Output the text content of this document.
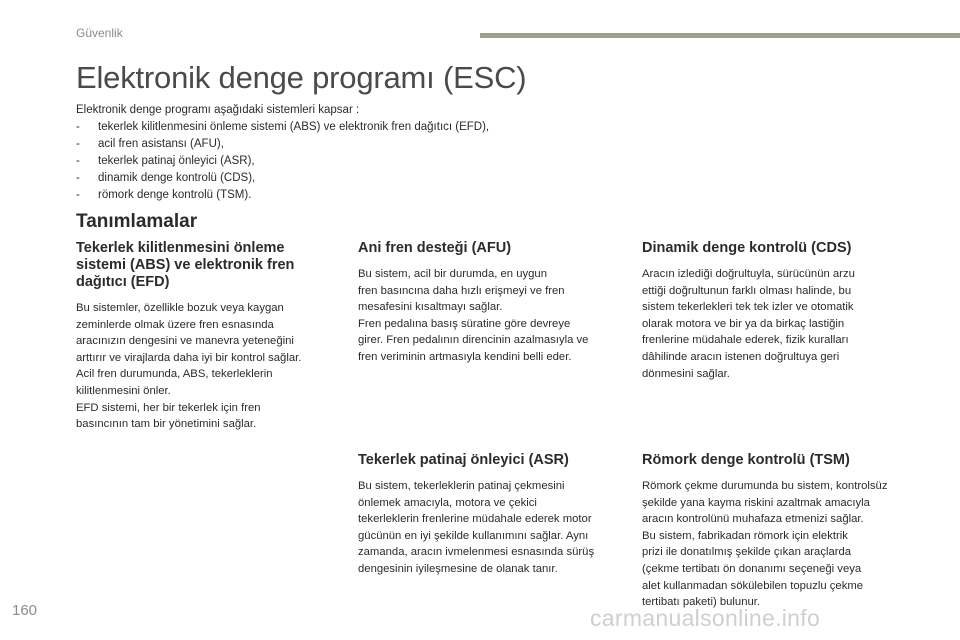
Güvenlik
Elektronik denge programı (ESC)
Elektronik denge programı aşağıdaki sistemleri kapsar :
-	tekerlek kilitlenmesini önleme sistemi (ABS) ve elektronik fren dağıtıcı (EFD),
-	acil fren asistansı (AFU),
-	tekerlek patinaj önleyici (ASR),
-	dinamik denge kontrolü (CDS),
-	römork denge kontrolü (TSM).
Tanımlamalar
Tekerlek kilitlenmesini önleme
sistemi (ABS) ve elektronik fren
dağıtıcı (EFD)
Bu sistemler, özellikle bozuk veya kaygan
zeminlerde olmak üzere fren esnasında
aracınızın dengesini ve manevra yeteneğini
arttırır ve virajlarda daha iyi bir kontrol sağlar.
Acil fren durumunda, ABS, tekerleklerin
kilitlenmesini önler.
EFD sistemi, her bir tekerlek için fren
basıncının tam bir yönetimini sağlar.
Ani fren desteği (AFU)
Bu sistem, acil bir durumda, en uygun
fren basıncına daha hızlı erişmeyi ve fren
mesafesini kısaltmayı sağlar.
Fren pedalına basış süratine göre devreye
girer. Fren pedalının direncinin azalmasıyla ve
fren veriminin artmasıyla kendini belli eder.
Dinamik denge kontrolü (CDS)
Aracın izlediği doğrultuyla, sürücünün arzu
ettiği doğrultunun farklı olması halinde, bu
sistem tekerlekleri tek tek izler ve otomatik
olarak motora ve bir ya da birkaç lastiğin
frenlerine müdahale ederek, fizik kuralları
dâhilinde aracın istenen doğrultuya geri
dönmesini sağlar.
Tekerlek patinaj önleyici (ASR)
Bu sistem, tekerleklerin patinaj çekmesini
önlemek amacıyla, motora ve çekici
tekerleklerin frenlerine müdahale ederek motor
gücünün en iyi şekilde kullanımını sağlar. Aynı
zamanda, aracın ivmelenmesi esnasında sürüş
dengesinin iyileşmesine de olanak tanır.
Römork denge kontrolü (TSM)
Römork çekme durumunda bu sistem, kontrolsüz
şekilde yana kayma riskini azaltmak amacıyla
aracın kontrolünü muhafaza etmenizi sağlar.
Bu sistem, fabrikadan römork için elektrik
prizi ile donatılmış şekilde çıkan araçlarda
(çekme tertibatı ön donanımı seçeneği veya
alet kullanmadan sökülebilen topuzlu çekme
tertibatı paketi) bulunur.
160	carmanualsonline.info
